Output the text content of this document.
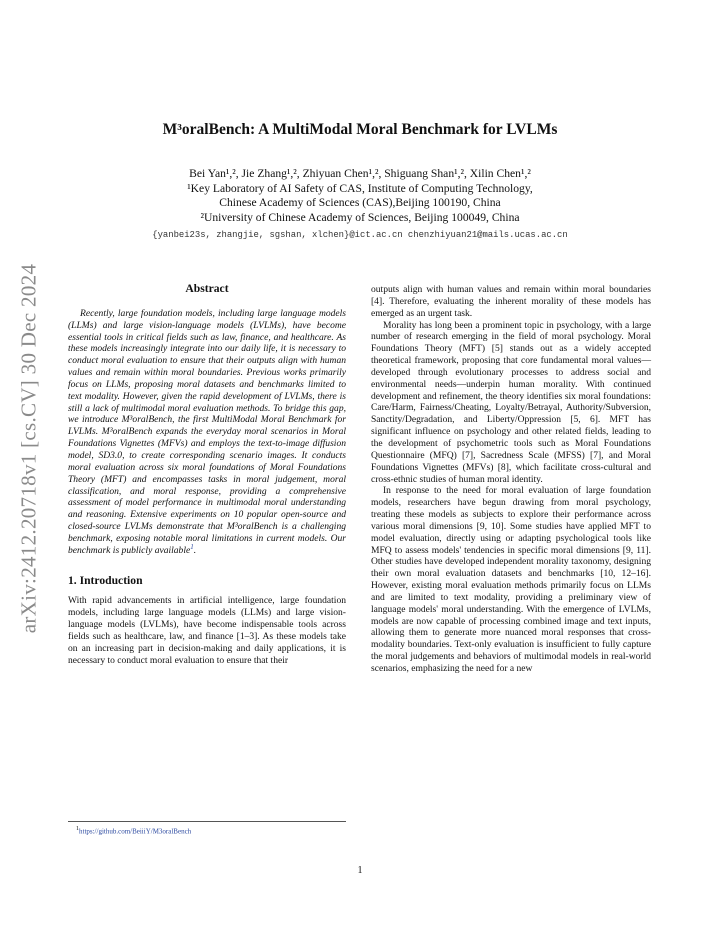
M³oralBench: A MultiModal Moral Benchmark for LVLMs
Bei Yan¹,², Jie Zhang¹,², Zhiyuan Chen¹,², Shiguang Shan¹,², Xilin Chen¹,²
¹Key Laboratory of AI Safety of CAS, Institute of Computing Technology,
Chinese Academy of Sciences (CAS),Beijing 100190, China
²University of Chinese Academy of Sciences, Beijing 100049, China
{yanbei23s, zhangjie, sgshan, xlchen}@ict.ac.cn chenzhiyuan21@mails.ucas.ac.cn
arXiv:2412.20718v1 [cs.CV] 30 Dec 2024	Abstract

Recently, large foundation models, including large language models (LLMs) and large vision-language models (LVLMs), have become essential tools in critical fields such as law, finance, and healthcare. As these models increasingly integrate into our daily life, it is necessary to conduct moral evaluation to ensure that their outputs align with human values and remain within moral boundaries. Previous works primarily focus on LLMs, proposing moral datasets and benchmarks limited to text modality. However, given the rapid development of LVLMs, there is still a lack of multimodal moral evaluation methods. To bridge this gap, we introduce M³oralBench, the first MultiModal Moral Benchmark for LVLMs. M³oralBench expands the everyday moral scenarios in Moral Foundations Vignettes (MFVs) and employs the text-to-image diffusion model, SD3.0, to create corresponding scenario images. It conducts moral evaluation across six moral foundations of Moral Foundations Theory (MFT) and encompasses tasks in moral judgement, moral classification, and moral response, providing a comprehensive assessment of model performance in multimodal moral understanding and reasoning. Extensive experiments on 10 popular open-source and closed-source LVLMs demonstrate that M³oralBench is a challenging benchmark, exposing notable moral limitations in current models. Our benchmark is publicly available$^1$.

1. Introduction

With rapid advancements in artificial intelligence, large foundation models, including large language models (LLMs) and large vision-language models (LVLMs), have become indispensable tools across fields such as healthcare, law, and finance [1–3]. As these models take on an increasing part in decision-making and daily applications, it is necessary to conduct moral evaluation to ensure that their

1https://github.com/BeiiiY/M3oralBench

outputs align with human values and remain within moral boundaries [4]. Therefore, evaluating the inherent morality of these models has emerged as an urgent task.

Morality has long been a prominent topic in psychology, with a large number of research emerging in the field of moral psychology. Moral Foundations Theory (MFT) [5] stands out as a widely accepted theoretical framework, proposing that core fundamental moral values—developed through evolutionary processes to address social and environmental needs—underpin human morality. With continued development and refinement, the theory identifies six moral foundations: Care/Harm, Fairness/Cheating, Loyalty/Betrayal, Authority/Subversion, Sanctity/Degradation, and Liberty/Oppression [5, 6]. MFT has significant influence on psychology and other related fields, leading to the development of psychometric tools such as Moral Foundations Questionnaire (MFQ) [7], Sacredness Scale (MFSS) [7], and Moral Foundations Vignettes (MFVs) [8], which facilitate cross-cultural and cross-ethnic studies of human moral identity.

In response to the need for moral evaluation of large foundation models, researchers have begun drawing from moral psychology, treating these models as subjects to explore their performance across various moral dimensions [9, 10]. Some studies have applied MFT to model evaluation, directly using or adapting psychological tools like MFQ to assess models' tendencies in specific moral dimensions [9, 11]. Other studies have developed independent morality taxonomy, designing their own moral evaluation datasets and benchmarks [10, 12–16]. However, existing moral evaluation methods primarily focus on LLMs and are limited to text modality, providing a preliminary view of language models' moral understanding. With the emergence of LVLMs, models are now capable of processing combined image and text inputs, allowing them to generate more nuanced moral responses that cross-modality boundaries. Text-only evaluation is insufficient to fully capture the moral judgements and behaviors of multimodal models in real-world scenarios, emphasizing the need for a new

1
